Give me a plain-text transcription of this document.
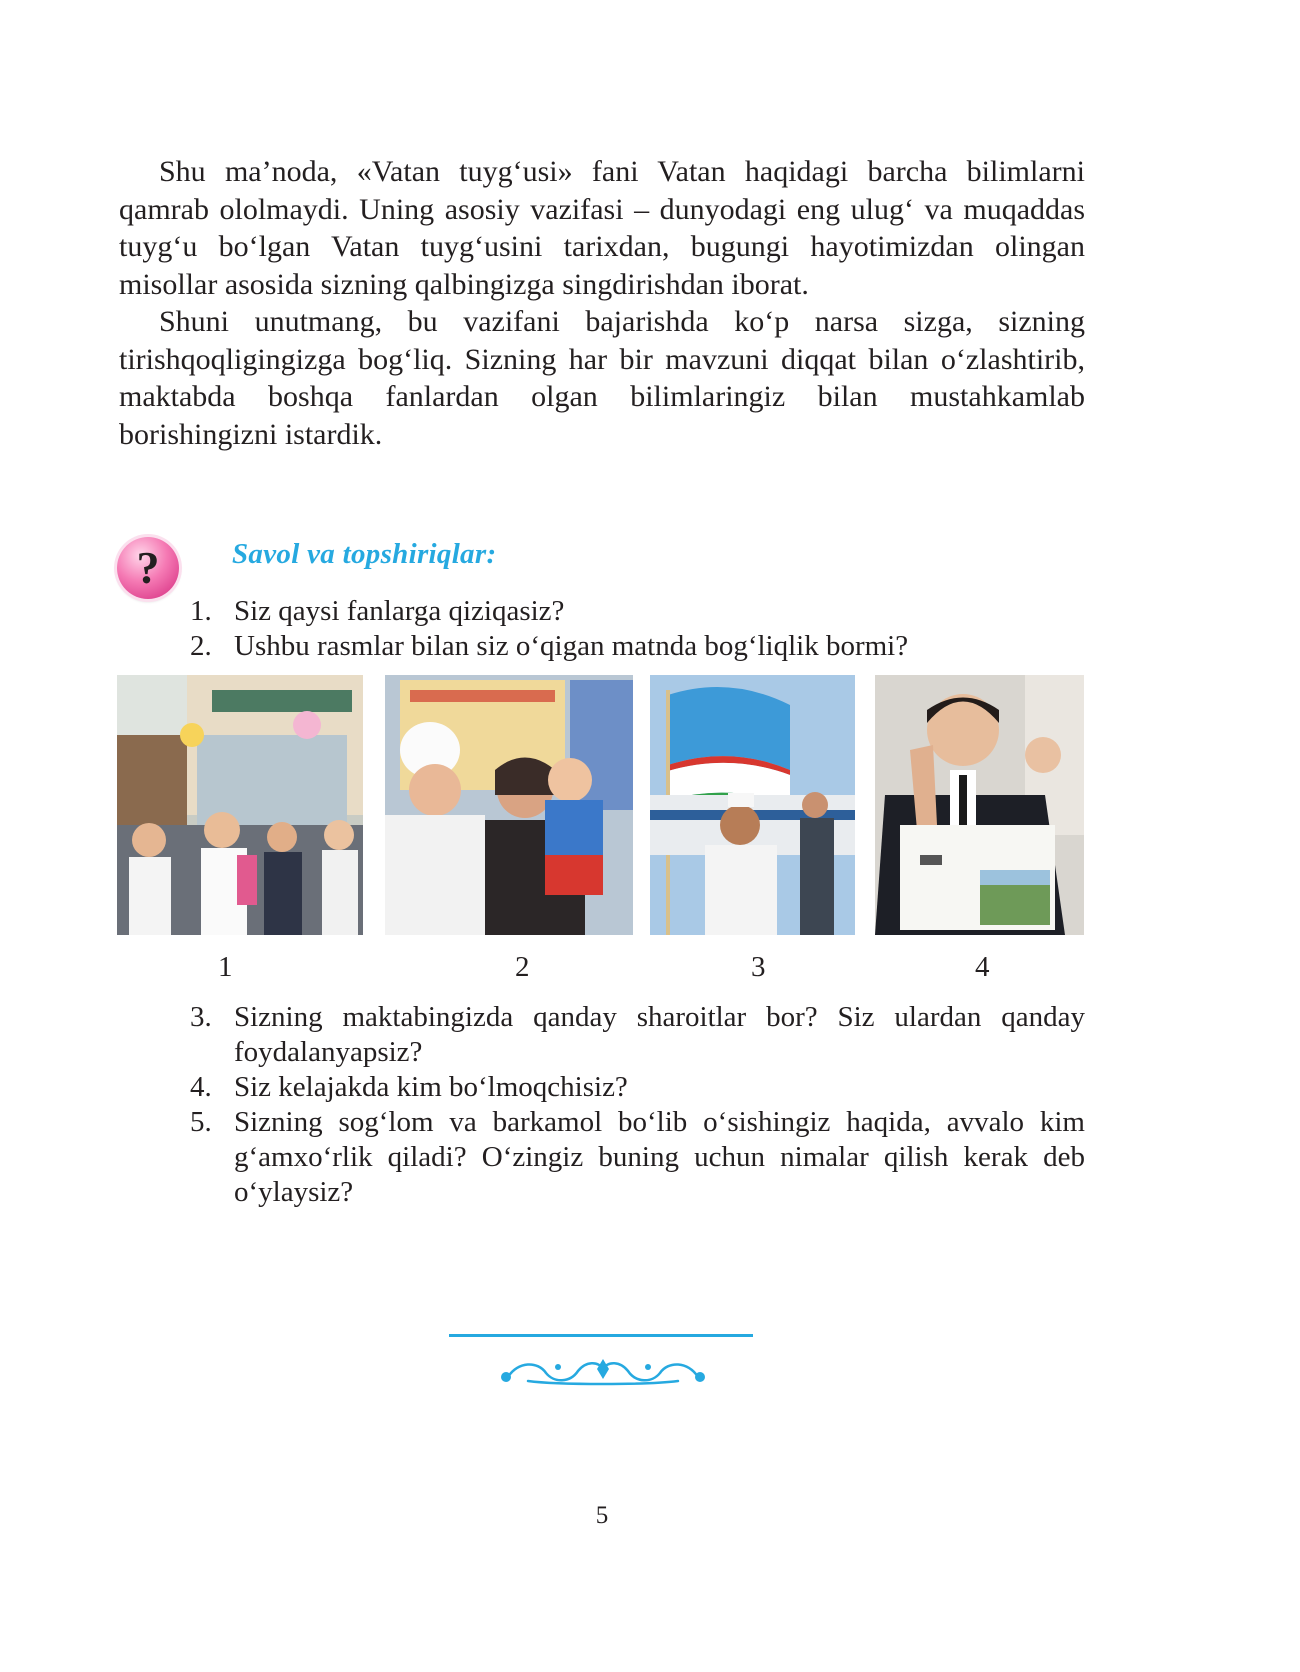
Shu ma’noda, «Vatan tuyg‘usi» fani Vatan haqidagi barcha bilimlarni qamrab ololmaydi. Uning asosiy vazifasi – dunyodagi eng ulug‘ va muqaddas tuyg‘u bo‘lgan Vatan tuyg‘usini tarixdan, bugungi hayotimizdan olingan misollar asosida sizning qalbingizga singdirishdan iborat.

Shuni unutmang, bu vazifani bajarishda ko‘p narsa sizga, sizning tirishqoqligingizga bog‘liq. Sizning har bir mavzuni diqqat bilan o‘zlashtirib, maktabda boshqa fanlardan olgan bilimlaringiz bilan mustahkamlab borishingizni istardik.

?	Savol va topshiriqlar:
1. Siz qaysi fanlarga qiziqasiz?
2. Ushbu rasmlar bilan siz o‘qigan matnda bog‘liqlik bormi?
1	2	3	4
3. Sizning maktabingizda qanday sharoitlar bor? Siz ulardan qanday foydalanyapsiz?
4. Siz kelajakda kim bo‘lmoqchisiz?
5. Sizning sog‘lom va barkamol bo‘lib o‘sishingiz haqida, avvalo kim g‘amxo‘rlik qiladi? O‘zingiz buning uchun nimalar qilish kerak deb o‘ylaysiz?
5
